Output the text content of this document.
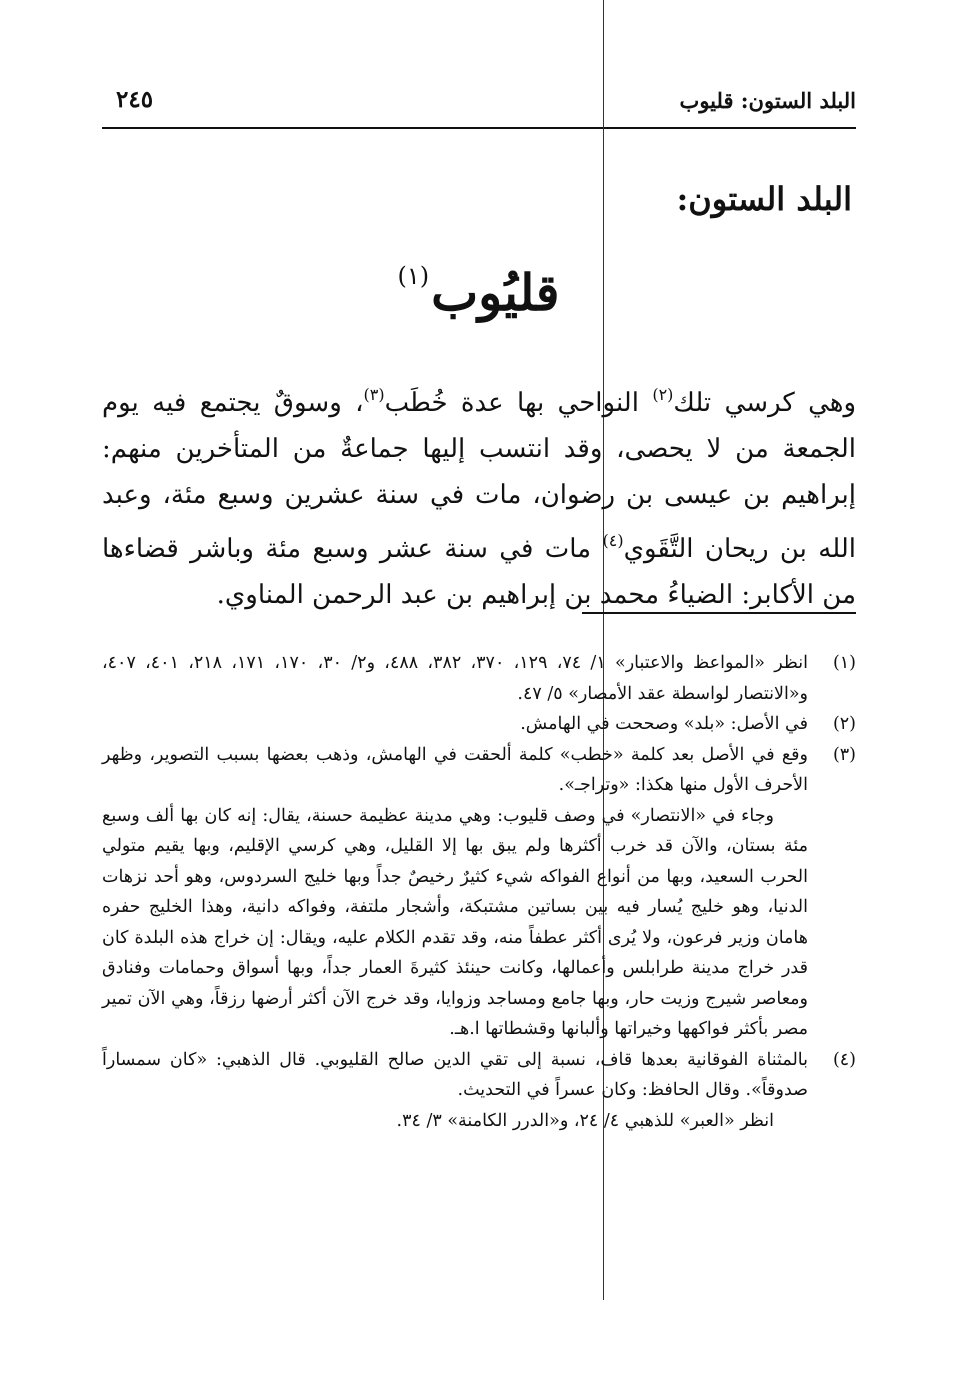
البلد الستون: قليوب
٢٤٥
البلد الستون:
قليُوب(١)

وهي كرسي تلك$^{(٢)}$ النواحي بها عدة خُطَب$^{(٣)}$، وسوقٌ يجتمع فيه يوم الجمعة من لا يحصى، وقد انتسب إليها جماعةٌ من المتأخرين منهم: إبراهيم بن عيسى بن رضوان، مات في سنة عشرين وسبع مئة، وعبد الله بن ريحان التَّقَوي$^{(٤)}$ مات في سنة عشر وسبع مئة وباشر قضاءها من الأكابر: الضياءُ محمد بن إبراهيم بن عبد الرحمن المناوي.

(١)

انظر «المواعظ والاعتبار» ١/ ٧٤، ١٢٩، ٣٧٠، ٣٨٢، ٤٨٨، و٢/ ٣٠، ١٧٠، ١٧١، ٢١٨، ٤٠١، ٤٠٧، و«الانتصار لواسطة عقد الأمصار» ٥/ ٤٧.

(٢)

في الأصل: «بلد» وصححت في الهامش.

(٣)

وقع في الأصل بعد كلمة «خطب» كلمة ألحقت في الهامش، وذهب بعضها بسبب التصوير، وظهر الأحرف الأول منها هكذا: «وتراجـ».

وجاء في «الانتصار» في وصف قليوب: وهي مدينة عظيمة حسنة، يقال: إنه كان بها ألف وسبع مئة بستان، والآن قد خرب أكثرها ولم يبق بها إلا القليل، وهي كرسي الإقليم، وبها يقيم متولي الحرب السعيد، وبها من أنواع الفواكه شيء كثيرٌ رخيصٌ جداً وبها خليج السردوس، وهو أحد نزهات الدنيا، وهو خليج يُسار فيه بين بساتين مشتبكة، وأشجار ملتفة، وفواكه دانية، وهذا الخليج حفره هامان وزير فرعون، ولا يُرى أكثر عطفاً منه، وقد تقدم الكلام عليه، ويقال: إن خراج هذه البلدة كان قدر خراج مدينة طرابلس وأعمالها، وكانت حينئذ كثيرةَ العمار جداً، وبها أسواق وحمامات وفنادق ومعاصر شيرج وزيت حار، وبها جامع ومساجد وزوايا، وقد خرج الآن أكثر أرضها رزقاً، وهي الآن تمير مصر بأكثر فواكهها وخيراتها وألبانها وقشطاتها ا.هـ.

(٤)

بالمثناة الفوقانية بعدها قاف، نسبة إلى تقي الدين صالح القليوبي. قال الذهبي: «كان سمساراً صدوقاً». وقال الحافظ: وكان عسراً في التحديث.

انظر «العبر» للذهبي ٤/ ٢٤، و«الدرر الكامنة» ٣/ ٣٤.
